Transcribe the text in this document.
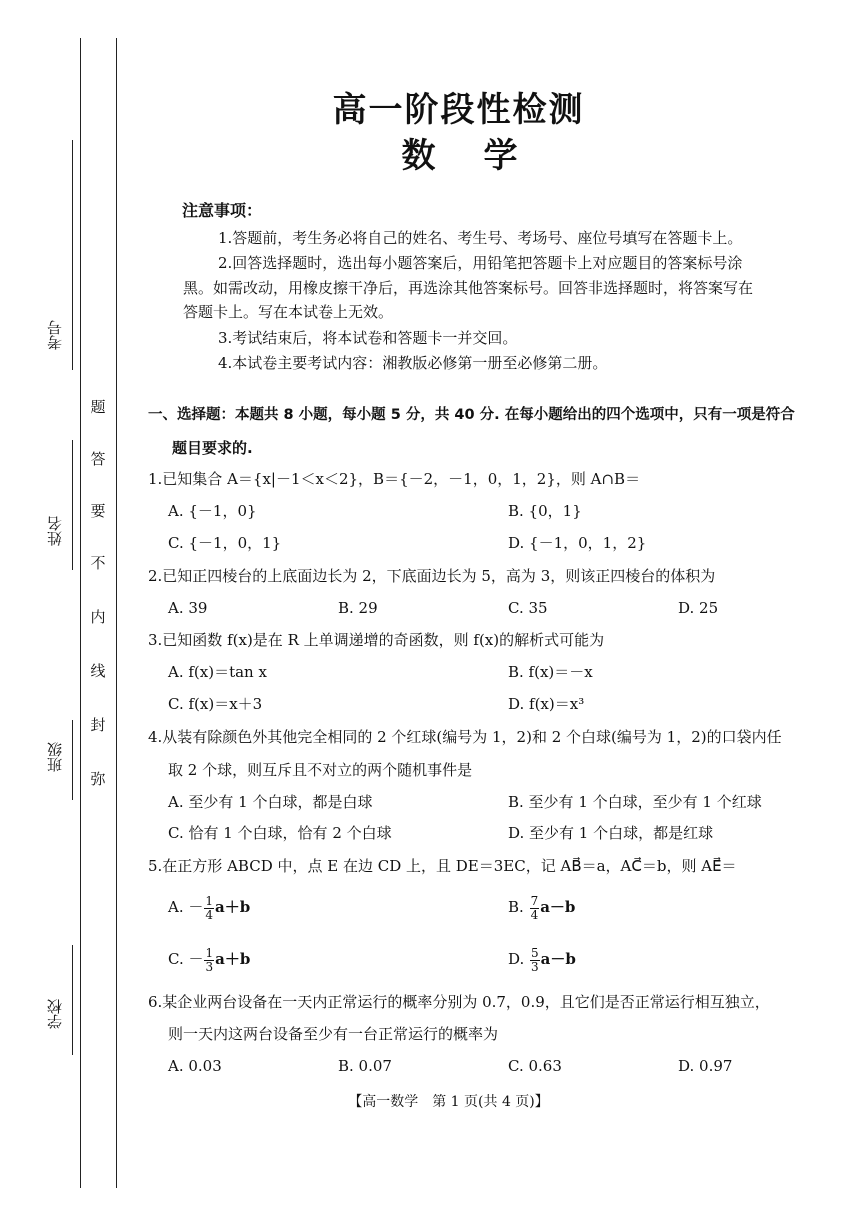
考号
姓名
班级
学校
题
答
要
不
内
线
封
弥
高一阶段性检测
数学
注意事项：
1.答题前，考生务必将自己的姓名、考生号、考场号、座位号填写在答题卡上。
2.回答选择题时，选出每小题答案后，用铅笔把答题卡上对应题目的答案标号涂
黑。如需改动，用橡皮擦干净后，再选涂其他答案标号。回答非选择题时，将答案写在
答题卡上。写在本试卷上无效。
3.考试结束后，将本试卷和答题卡一并交回。
4.本试卷主要考试内容：湘教版必修第一册至必修第二册。
一、选择题：本题共 8 小题，每小题 5 分，共 40 分. 在每小题给出的四个选项中，只有一项是符合
题目要求的.
1.已知集合 A＝{x|－1＜x＜2}，B＝{－2，－1，0，1，2}，则 A∩B＝
A. {－1，0}	B. {0，1}
C. {－1，0，1}	D. {－1，0，1，2}
2.已知正四棱台的上底面边长为 2，下底面边长为 5，高为 3，则该正四棱台的体积为
A. 39	B. 29	C. 35	D. 25
3.已知函数 f(x)是在 R 上单调递增的奇函数，则 f(x)的解析式可能为
A. f(x)＝tan x	B. f(x)＝－x
C. f(x)＝x＋3	D. f(x)＝x³
4.从装有除颜色外其他完全相同的 2 个红球(编号为 1，2)和 2 个白球(编号为 1，2)的口袋内任
取 2 个球，则互斥且不对立的两个随机事件是
A. 至少有 1 个白球，都是白球	B. 至少有 1 个白球，至少有 1 个红球
C. 恰有 1 个白球，恰有 2 个白球	D. 至少有 1 个白球，都是红球
5.在正方形 ABCD 中，点 E 在边 CD 上，且 DE＝3EC，记 AB⃗＝a，AC⃗＝b，则 AE⃗＝
A. － $\frac{1}{4} a+b$	B. $\frac{7}{4} a-b$
C. － $\frac{1}{3} a+b$	D. $\frac{5}{3} a-b$
6.某企业两台设备在一天内正常运行的概率分别为 0.7，0.9，且它们是否正常运行相互独立，
则一天内这两台设备至少有一台正常运行的概率为
A. 0.03	B. 0.07	C. 0.63	D. 0.97
【高一数学　第 1 页(共 4 页)】
